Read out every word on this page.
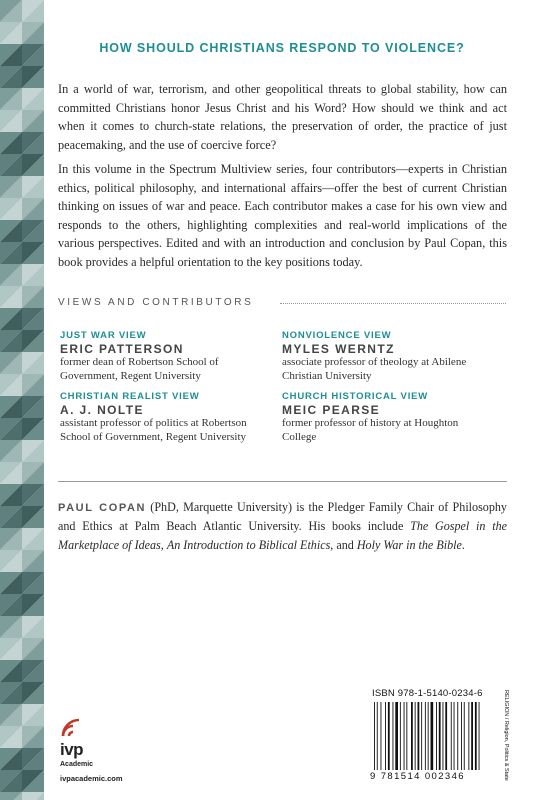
HOW SHOULD CHRISTIANS RESPOND TO VIOLENCE?

In a world of war, terrorism, and other geopolitical threats to global stability, how can committed Christians honor Jesus Christ and his Word? How should we think and act when it comes to church-state relations, the preservation of order, the practice of just peacemaking, and the use of coercive force?

In this volume in the Spectrum Multiview series, four contributors—experts in Christian ethics, political philosophy, and international affairs—offer the best of current Christian thinking on issues of war and peace. Each contributor makes a case for his own view and responds to the others, highlighting complexities and real-world implications of the various perspectives. Edited and with an introduction and conclusion by Paul Copan, this book provides a helpful orientation to the key positions today.

VIEWS AND CONTRIBUTORS
JUST WAR VIEW
ERIC PATTERSON
former dean of Robertson School of Government, Regent University
NONVIOLENCE VIEW
MYLES WERNTZ
associate professor of theology at Abilene Christian University
CHRISTIAN REALIST VIEW
A. J. NOLTE
assistant professor of politics at Robertson School of Government, Regent University
CHURCH HISTORICAL VIEW
MEIC PEARSE
former professor of history at Houghton College

PAUL COPAN (PhD, Marquette University) is the Pledger Family Chair of Philosophy and Ethics at Palm Beach Atlantic University. His books include The Gospel in the Marketplace of Ideas, An Introduction to Biblical Ethics, and Holy War in the Bible.

ivp
Academic
ivpacademic.com
ISBN 978-1-5140-0234-6
9 781514 002346	RELIGION / Religion, Politics & State
